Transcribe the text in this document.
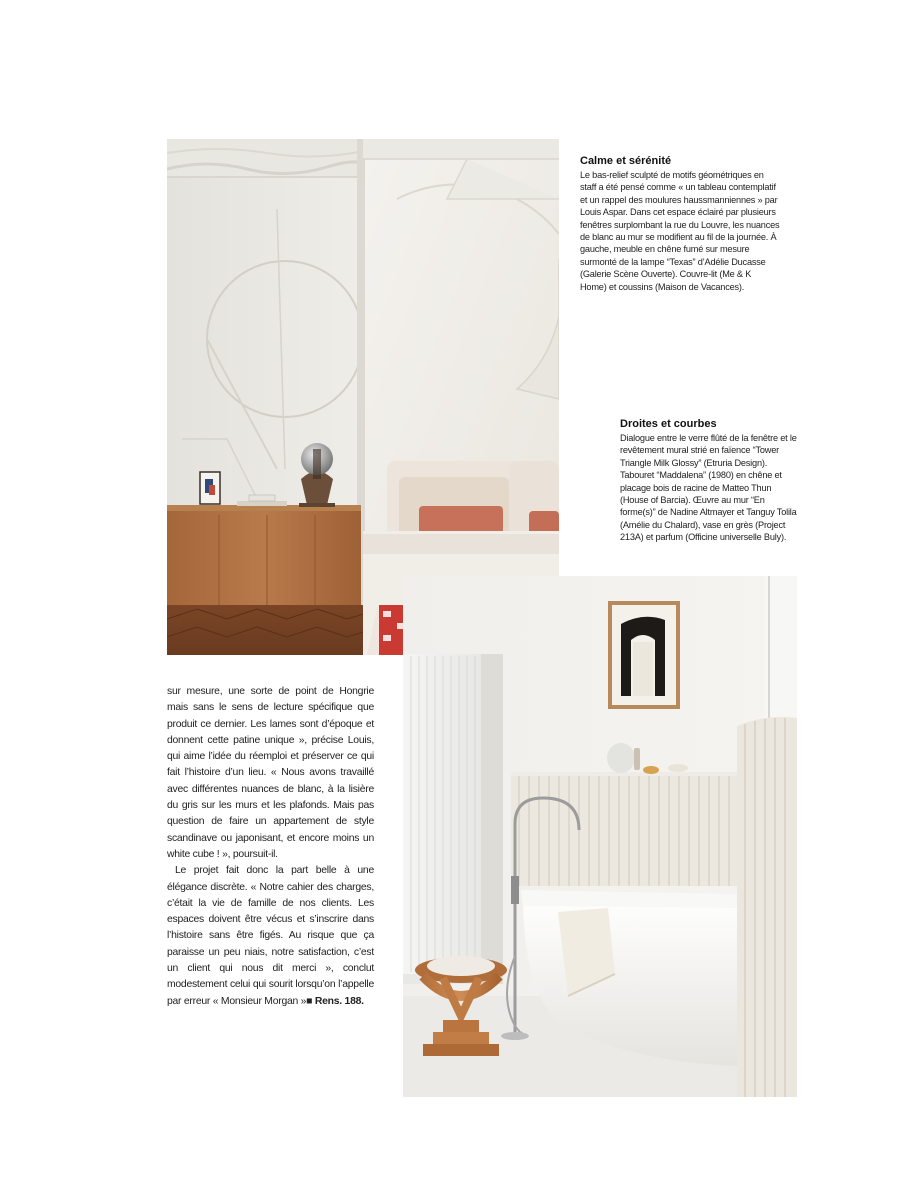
Calme et sérénité

Le bas-relief sculpté de motifs géométriques en staff a été pensé comme « un tableau contemplatif et un rappel des moulures haussmanniennes » par Louis Aspar. Dans cet espace éclairé par plusieurs fenêtres surplombant la rue du Louvre, les nuances de blanc au mur se modifient au fil de la journée. À gauche, meuble en chêne fumé sur mesure surmonté de la lampe “Texas” d’Adélie Ducasse (Galerie Scène Ouverte). Couvre-lit (Me & K Home) et coussins (Maison de Vacances).

Droites et courbes

Dialogue entre le verre flûté de la fenêtre et le revêtement mural strié en faïence “Tower Triangle Milk Glossy” (Etruria Design). Tabouret “Maddalena” (1980) en chêne et placage bois de racine de Matteo Thun (House of Barcia). Œuvre au mur “En forme(s)” de Nadine Altmayer et Tanguy Tolila (Amélie du Chalard), vase en grès (Project 213A) et parfum (Officine universelle Buly).

sur mesure, une sorte de point de Hongrie mais sans le sens de lecture spécifique que produit ce dernier. Les lames sont d’époque et donnent cette patine unique », précise Louis, qui aime l’idée du réemploi et préserver ce qui fait l’histoire d’un lieu. « Nous avons travaillé avec différentes nuances de blanc, à la lisière du gris sur les murs et les plafonds. Mais pas question de faire un appartement de style scandinave ou japonisant, et encore moins un white cube ! », poursuit-il.

Le projet fait donc la part belle à une élégance discrète. « Notre cahier des charges, c’était la vie de famille de nos clients. Les espaces doivent être vécus et s’inscrire dans l’histoire sans être figés. Au risque que ça paraisse un peu niais, notre satisfaction, c’est un client qui nous dit merci », conclut modestement celui qui sourit lorsqu’on l’appelle par erreur « Monsieur Morgan »■ Rens. 188.
